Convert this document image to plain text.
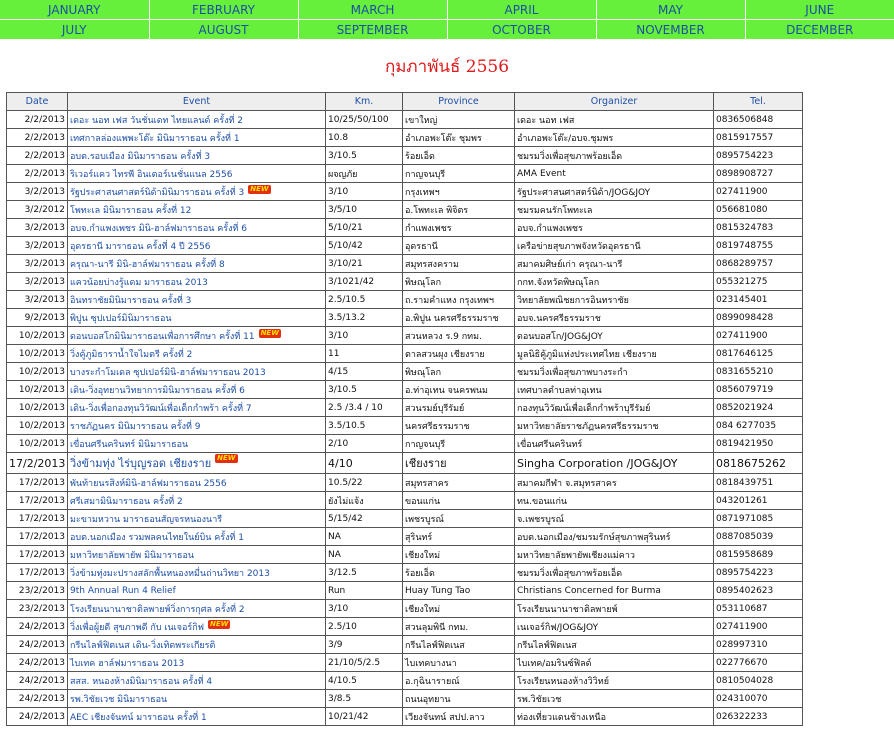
JANUARY	FEBRUARY	MARCH	APRIL	MAY	JUNE
JULY	AUGUST	SEPTEMBER	OCTOBER	NOVEMBER	DECEMBER
กุมภาพันธ์ 2556
Date	Event	Km.	Province	Organizer	Tel.
2/2/2013	เดอะ นอท เฟส วันชั่นเดท ไทยแลนด์ ครั้งที่ 2	10/25/50/100	เขาใหญ่	เดอะ นอท เฟส	0836506848
2/2/2013	เทศกาลล่องแพพะโต๊ะ มินิมาราธอน ครั้งที่ 1	10.8	อำเภอพะโต๊ะ ชุมพร	อำเภอพะโต๊ะ/อบจ.ชุมพร	0815917557
2/2/2013	อบต.รอบเมือง มินิมาราธอน ครั้งที่ 3	3/10.5	ร้อยเอ็ด	ชมรมวิ่งเพื่อสุขภาพร้อยเอ็ด	0895754223
2/2/2013	ริเวอร์แคว ไทรพี อินเตอร์เนชั่นแนล 2556	ผจญภัย	กาญจนบุรี	AMA Event	0898908727
3/2/2013	รัฐประศาสนศาสตร์นิด้ามินิมาราธอน ครั้งที่ 3 NEW	3/10	กรุงเทพฯ	รัฐประศาสนศาสตร์นิด้า/JOG&JOY	027411900
3/2/2012	โพทะเล มินิมาราธอน ครั้งที่ 12	3/5/10	อ.โพทะเล พิจิตร	ชมรมคนรักโพทะเล	056681080
3/2/2013	อบจ.กำแพงเพชร มินิ-ฮาล์ฟมาราธอน ครั้งที่ 6	5/10/21	กำแพงเพชร	อบจ.กำแพงเพชร	0815324783
3/2/2013	อุดรธานี มาราธอน ครั้งที่ 4 ปี 2556	5/10/42	อุดรธานี	เครือข่ายสุขภาพจังหวัดอุดรธานี	0819748755
3/2/2013	ครุณา-นารี มินิ-ฮาล์ฟมาราธอน ครั้งที่ 8	3/10/21	สมุทรสงคราม	สมาคมศิษย์เก่า ครุณา-นารี	0868289757
3/2/2013	แควน้อยบ่างรู้แดม มาราธอน 2013	3/1021/42	พิษณุโลก	กกท.จังหวัดพิษณุโลก	055321275
3/2/2013	อินทราชัยมินิมาราธอน ครั้งที่ 3	2.5/10.5	ถ.รามคำแหง กรุงเทพฯ	วิทยาลัยพณิชยการอินทราชัย	023145401
9/2/2013	พิปูน ซุปเปอร์มินิมาราธอน	3.5/13.2	อ.พิปูน นครศรีธรรมราช	อบจ.นครศรีธรรมราช	0899098428
10/2/2013	ดอนบอสโกมินิมาราธอนเพื่อการศึกษา ครั้งที่ 11 NEW	3/10	สวนหลวง ร.9 กทม.	ดอนบอสโก/JOG&JOY	027411900
10/2/2013	วิ่งคู้ภูมิธาราน้ำใจไมตรี ครั้งที่ 2	11	ตาลสวนผุง เชียงราย	มูลนิธิคู้ภูมิแห่งประเทศไทย เชียงราย	0817646125
10/2/2013	บางระกำโมเดล ซุปเปอร์มินิ-ฮาล์ฟมาราธอน 2013	4/15	พิษณุโลก	ชมรมวิ่งเพื่อสุขภาพบางระกำ	0831655210
10/2/2013	เดิน-วิ่งอุทยานวิทยาการมินิมาราธอน ครั้งที่ 6	3/10.5	อ.ท่าอุเทน จนครพนม	เทศบาลตำบลท่าอุเทน	0856079719
10/2/2013	เดิน-วิ่งเพื่อกองทุนวิวัฒน์เพื่อเด็กกำพร้า ครั้งที่ 7	2.5 /3.4 / 10	สวนรมย์บุรีรัมย์	กองทุนวิวัฒน์เพื่อเด็กกำพร้าบุรีรัมย์	0852021924
10/2/2013	ราชภัฏนคร มินิมาราธอน ครั้งที่ 9	3.5/10.5	นครศรีธรรมราช	มหาวิทยาลัยราชภัฏนครศรีธรรมราช	084 6277035
10/2/2013	เขื่อนศรีนครินทร์ มินิมาราธอน	2/10	กาญจนบุรี	เขื่อนศรีนครินทร์	0819421950
17/2/2013	วิ่งข้ามทุ่ง ไร่บุญรอด เชียงราย NEW	4/10	เชียงราย	Singha Corporation /JOG&JOY	0818675262
17/2/2013	พันท้ายนรสิงห์มินิ-ฮาล์ฟมาราธอน 2556	10.5/22	สมุทรสาคร	สมาคมกีฬา จ.สมุทรสาคร	0818439751
17/2/2013	ศรีเสมามินิมาราธอน ครั้งที่ 2	ยังไม่แจ้ง	ขอนแก่น	ทน.ขอนแก่น	043201261
17/2/2013	มะขามหวาน มาราธอนสัญจรหนองนารี	5/15/42	เพชรบูรณ์	จ.เพชรบูรณ์	0871971085
17/2/2013	อบต.นอกเมือง รวมพลคนไทยในย์บิน ครั้งที่ 1	NA	สุรินทร์	อบต.นอกเมือง/ชมรมรักษ์สุขภาพสุรินทร์	0887085039
17/2/2013	มหาวิทยาลัยพายัพ มินิมาราธอน	NA	เชียงใหม่	มหาวิทยาลัยพายัพเชียงแม่คาว	0815958689
17/2/2013	วิ่งข้ามทุ่งมะปรางสลักพื้นหนองหมื่นถ่านวิทยา 2013	3/12.5	ร้อยเอ็ด	ชมรมวิ่งเพื่อสุขภาพร้อยเอ็ด	0895754223
23/2/2013	9th Annual Run 4 Relief	Run	Huay Tung Tao	Christians Concerned for Burma	0895402623
23/2/2013	โรงเรียนนานาชาติลพายพ์วิ่งการกุศล ครั้งที่ 2	3/10	เชียงใหม่	โรงเรียนนานาชาติลพายพ์	053110687
24/2/2013	วิ่งเพื่อผู้ยดี สุขภาพดี กับ เนเจอร์กิฟ NEW	2.5/10	สวนลุมพินี กทม.	เนเจอร์กิฟ/JOG&JOY	027411900
24/2/2013	กรีนไลฟ์ฟิตเนส เดิน-วิ่งเทิดพระเกียรติ	3/9	กรีนไลฟ์ฟิตเนส	กรีนไลฟ์ฟิตเนส	028997310
24/2/2013	ไบเทค ฮาล์ฟมาราธอน 2013	21/10/5/2.5	ไบเทคบางนา	ไบเทค/อมรินซ์ฟิลด์	022776670
24/2/2013	สสส. หนองห้างมินิมาราธอน ครั้งที่ 4	4/10.5	อ.กุฉินารายณ์	โรงเรียนหนองห้างวิวิทย์	0810504028
24/2/2013	รพ.วิชัยเวช มินิมาราธอน	3/8.5	ถนนอุทยาน	รพ.วิชัยเวช	024310070
24/2/2013	AEC เชียงจันทน์ มาราธอน ครั้งที่ 1	10/21/42	เวียงจันทน์ สปป.ลาว	ท่องเที่ยวแดนช้างเหนือ	026322233
